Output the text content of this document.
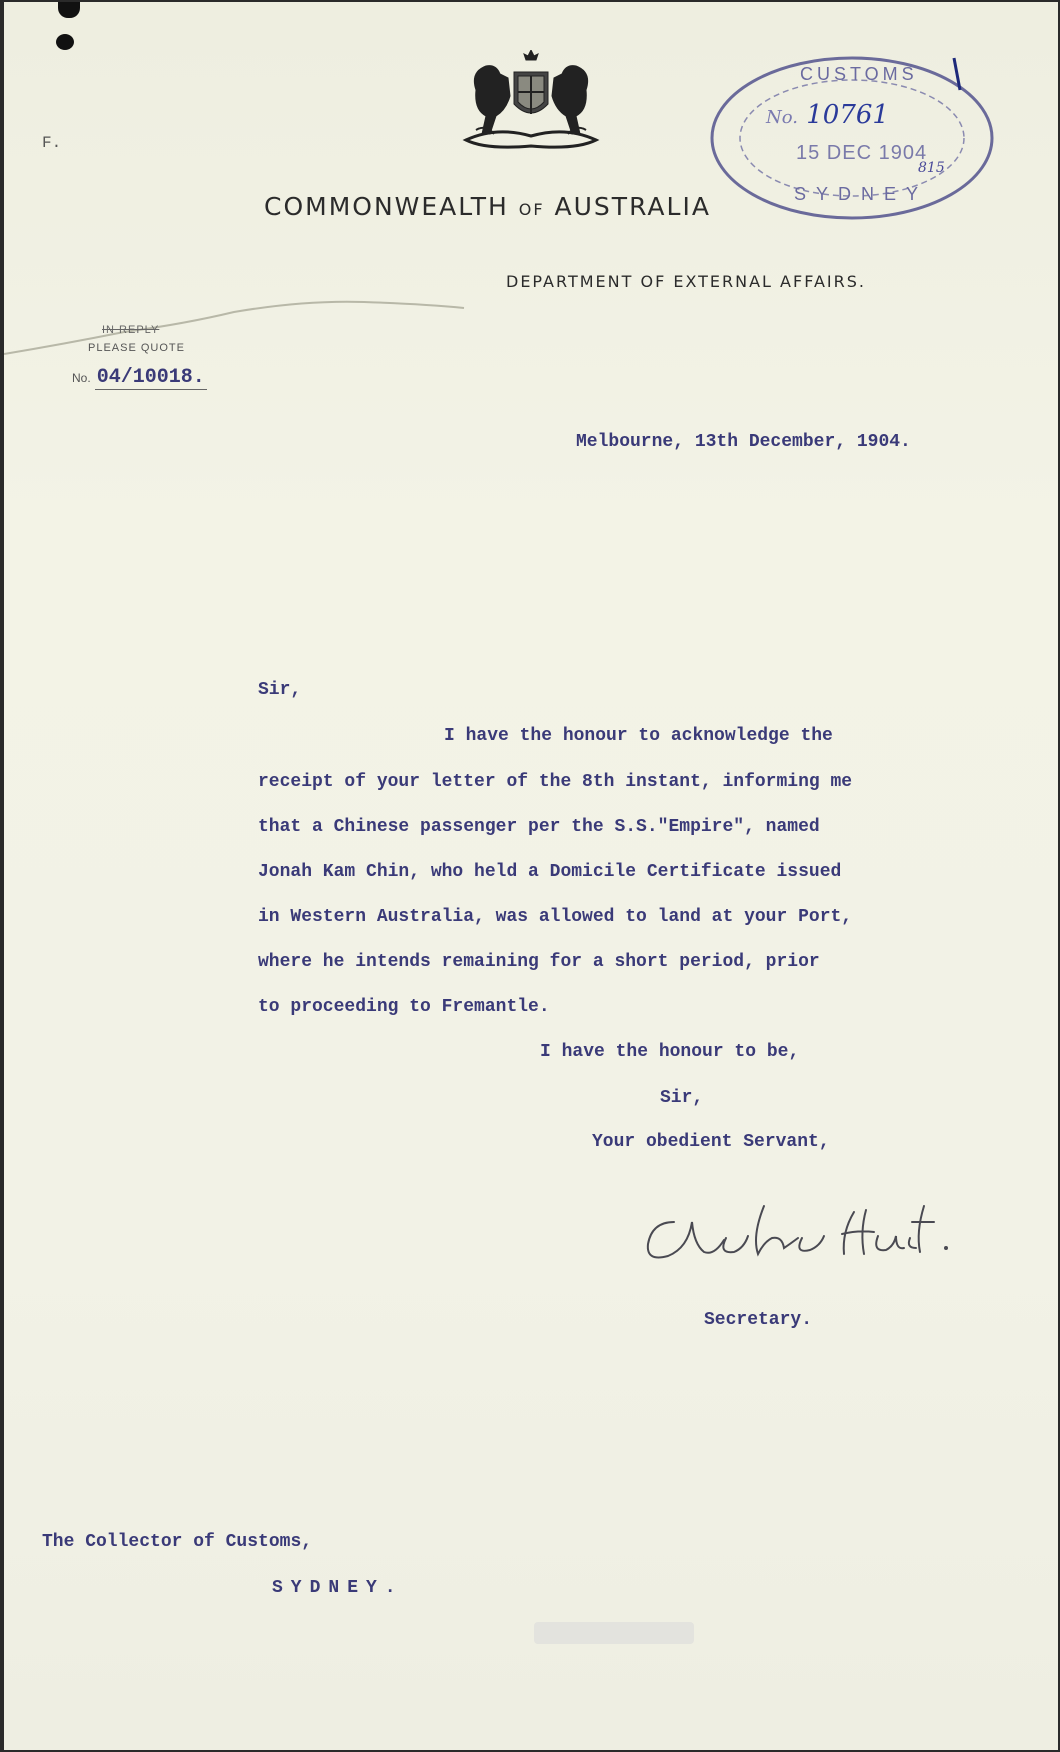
F.
COMMONWEALTH OF AUSTRALIA
DEPARTMENT OF EXTERNAL AFFAIRS.
CUSTOMS
No. 10761
15 DEC 1904
815
SYDNEY
IN REPLY
PLEASE QUOTE
No. 04/10018.
Melbourne, 13th December, 1904.
Sir,
I have the honour to acknowledge the
receipt of your letter of the 8th instant, informing me
that a Chinese passenger per the S.S."Empire", named
Jonah Kam Chin, who held a Domicile Certificate issued
in Western Australia, was allowed to land at your Port,
where he intends remaining for a short period, prior
to proceeding to Fremantle.
I have the honour to be,
Sir,
Your obedient Servant,
Secretary.
The Collector of Customs,
SYDNEY.
